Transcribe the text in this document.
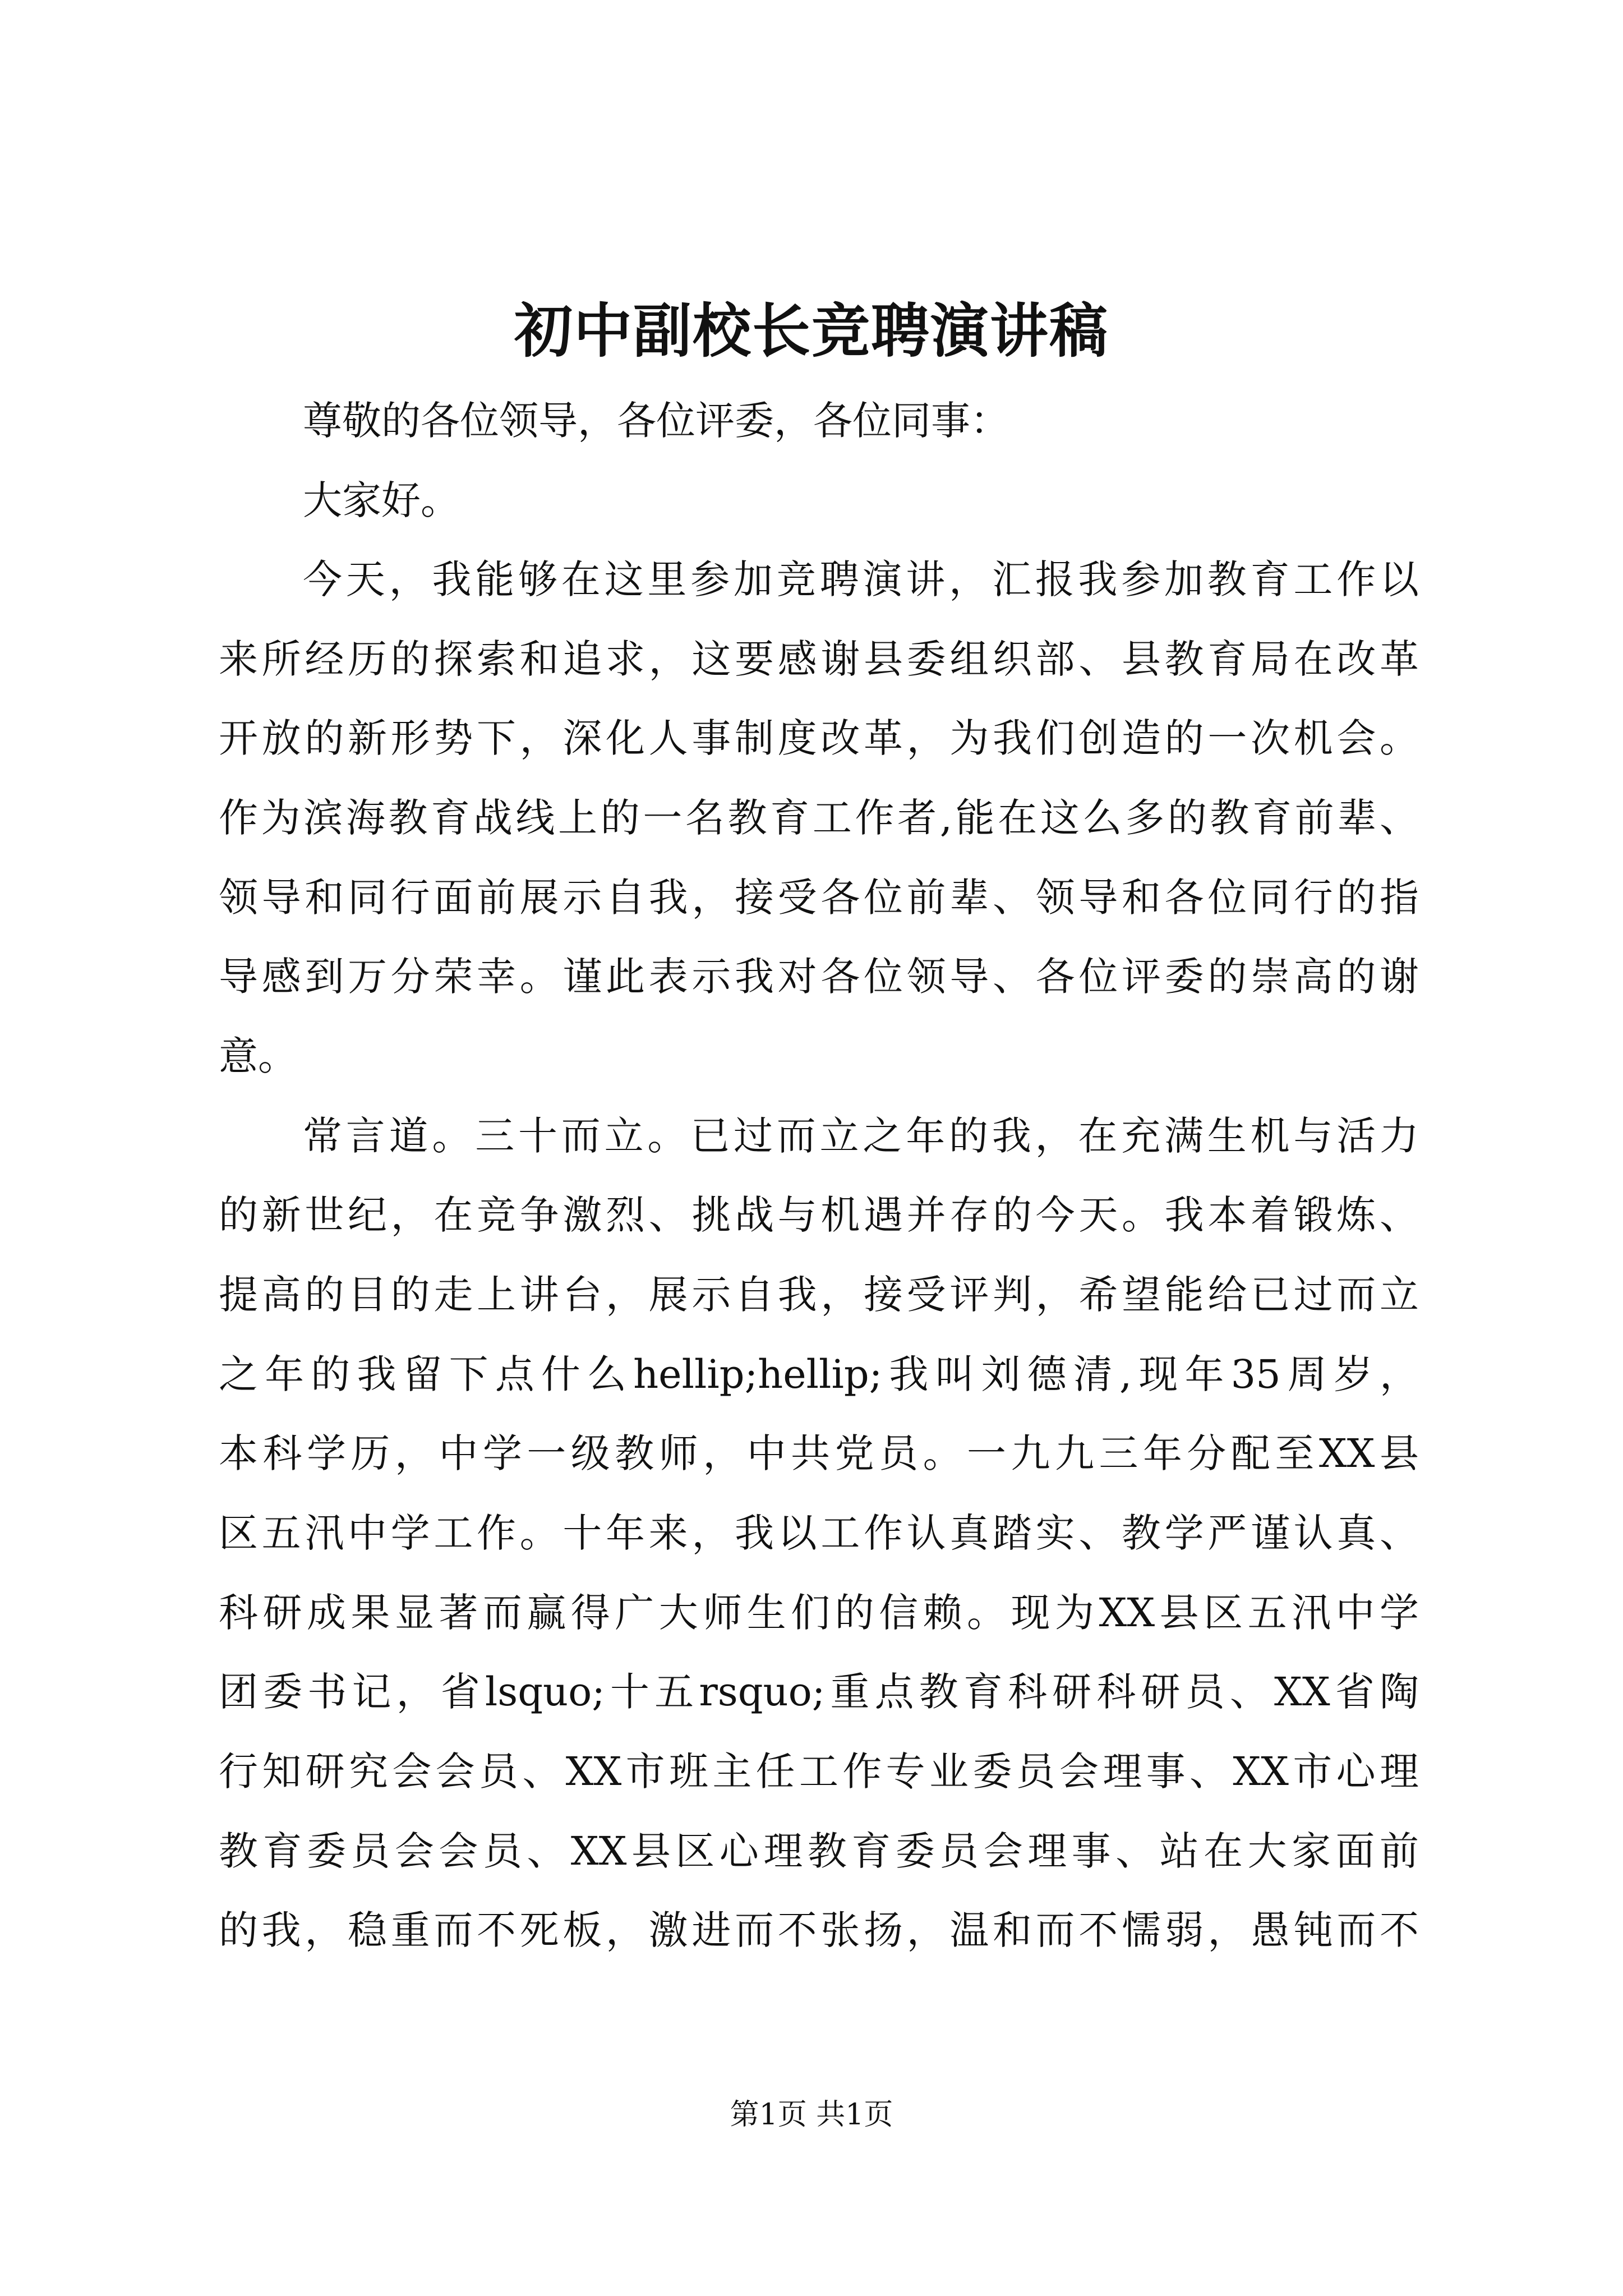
初中副校长竞聘演讲稿

尊敬的各位领导，各位评委，各位同事：

大家好。

今天，我能够在这里参加竞聘演讲，汇报我参加教育工作以

来所经历的探索和追求，这要感谢县委组织部、县教育局在改革

开放的新形势下，深化人事制度改革，为我们创造的一次机会。

作为滨海教育战线上的一名教育工作者,能在这么多的教育前辈、

领导和同行面前展示自我，接受各位前辈、领导和各位同行的指

导感到万分荣幸。谨此表示我对各位领导、各位评委的崇高的谢

意。

常言道。三十而立。已过而立之年的我，在充满生机与活力

的新世纪，在竞争激烈、挑战与机遇并存的今天。我本着锻炼、

提高的目的走上讲台，展示自我，接受评判，希望能给已过而立

之年的我留下点什么hellip;hellip;我叫刘德清,现年35周岁，

本科学历，中学一级教师，中共党员。一九九三年分配至XX县

区五汛中学工作。十年来，我以工作认真踏实、教学严谨认真、

科研成果显著而赢得广大师生们的信赖。现为XX县区五汛中学

团委书记，省lsquo;十五rsquo;重点教育科研科研员、XX省陶

行知研究会会员、XX市班主任工作专业委员会理事、XX市心理

教育委员会会员、XX县区心理教育委员会理事、站在大家面前

的我，稳重而不死板，激进而不张扬，温和而不懦弱，愚钝而不

第1页 共1页
